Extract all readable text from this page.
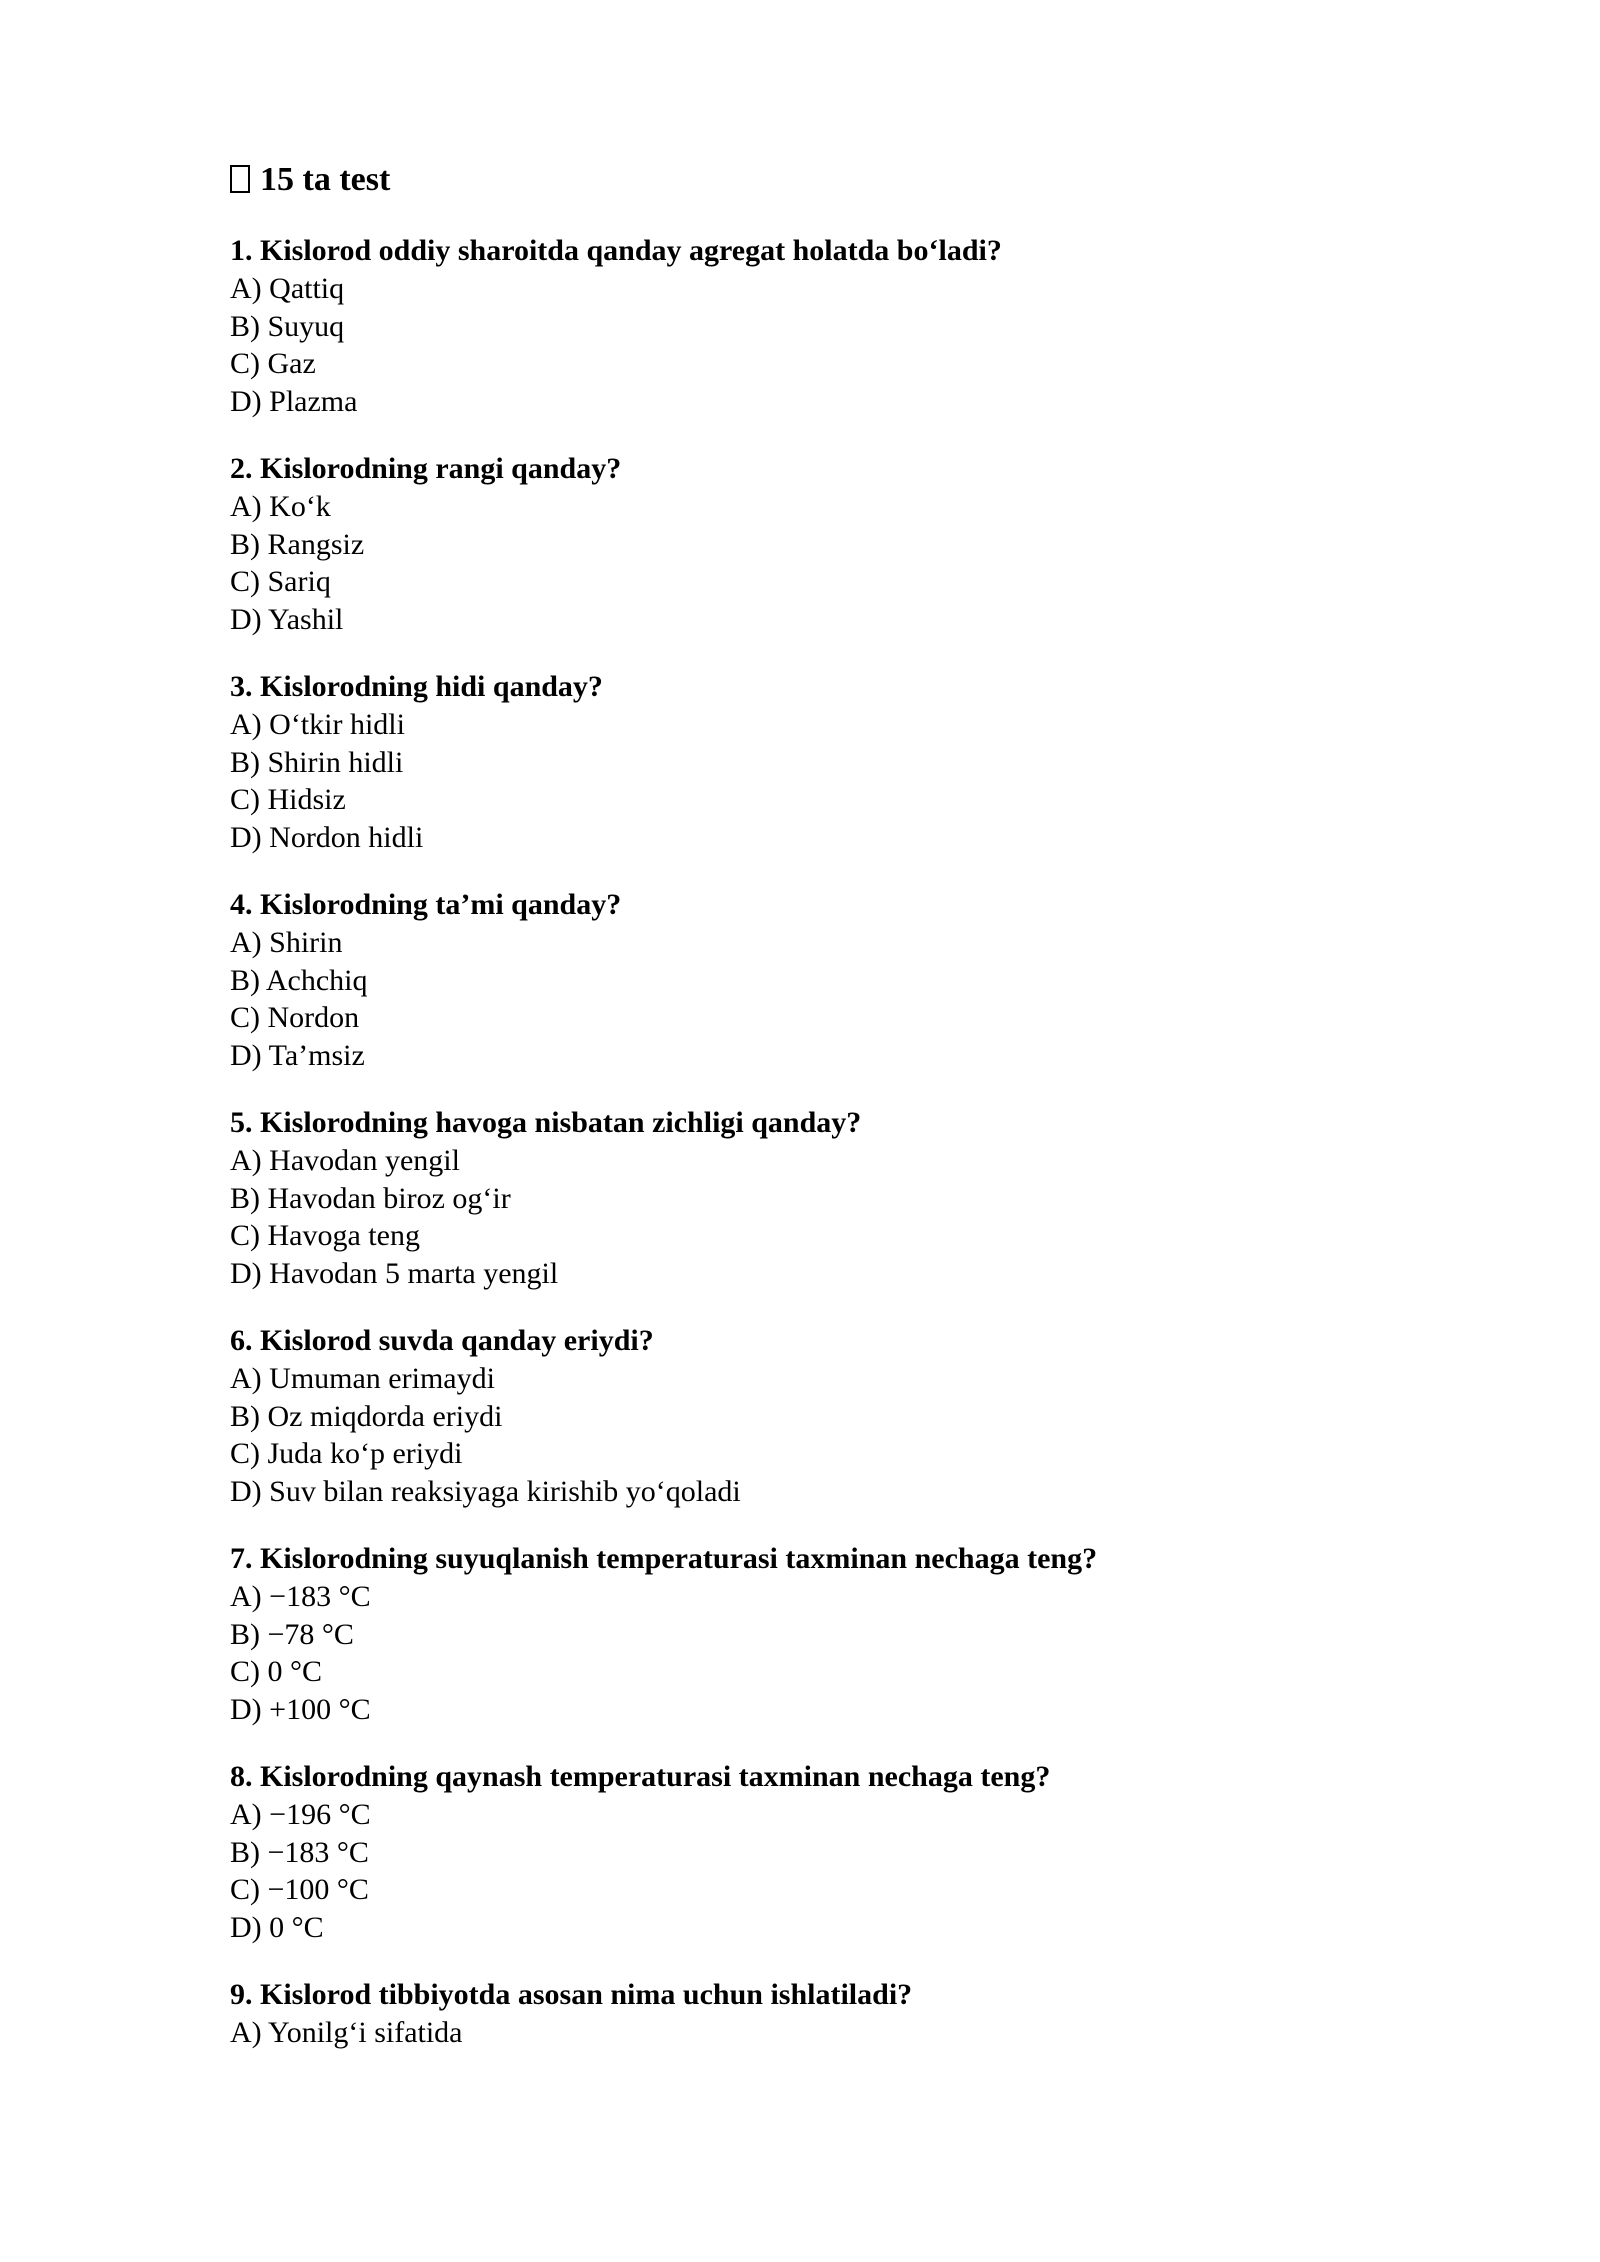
15 ta test
1. Kislorod oddiy sharoitda qanday agregat holatda bo‘ladi?
A) Qattiq
B) Suyuq
C) Gaz
D) Plazma
2. Kislorodning rangi qanday?
A) Ko‘k
B) Rangsiz
C) Sariq
D) Yashil
3. Kislorodning hidi qanday?
A) O‘tkir hidli
B) Shirin hidli
C) Hidsiz
D) Nordon hidli
4. Kislorodning ta’mi qanday?
A) Shirin
B) Achchiq
C) Nordon
D) Ta’msiz
5. Kislorodning havoga nisbatan zichligi qanday?
A) Havodan yengil
B) Havodan biroz og‘ir
C) Havoga teng
D) Havodan 5 marta yengil
6. Kislorod suvda qanday eriydi?
A) Umuman erimaydi
B) Oz miqdorda eriydi
C) Juda ko‘p eriydi
D) Suv bilan reaksiyaga kirishib yo‘qoladi
7. Kislorodning suyuqlanish temperaturasi taxminan nechaga teng?
A) −183 °C
B) −78 °C
C) 0 °C
D) +100 °C
8. Kislorodning qaynash temperaturasi taxminan nechaga teng?
A) −196 °C
B) −183 °C
C) −100 °C
D) 0 °C
9. Kislorod tibbiyotda asosan nima uchun ishlatiladi?
A) Yonilg‘i sifatida
